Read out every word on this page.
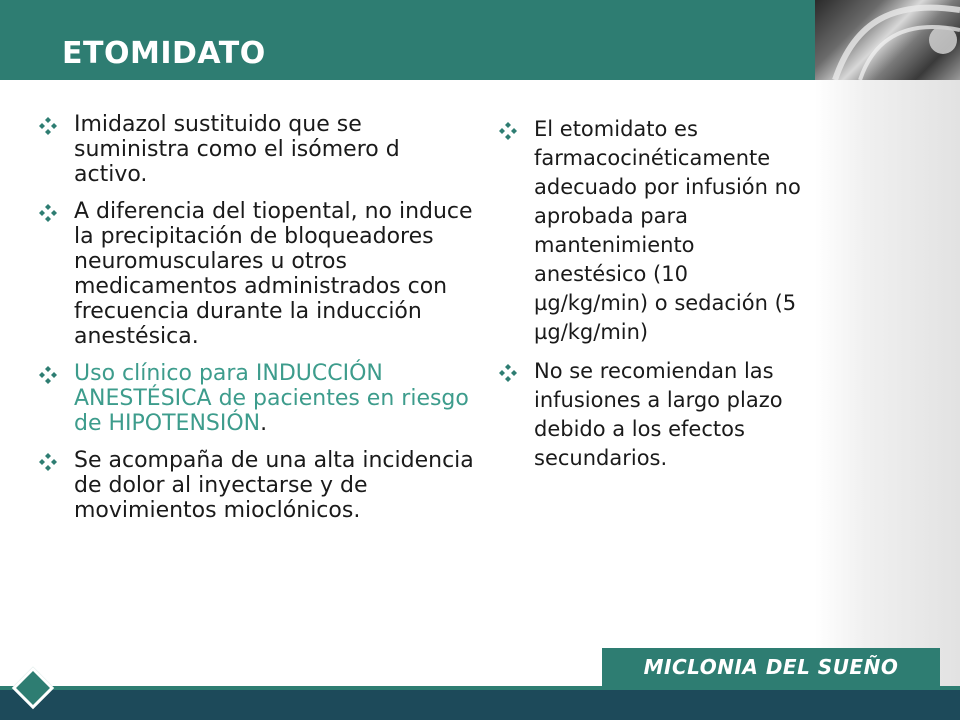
ETOMIDATO
Imidazol sustituido que se suministra como el isómero d activo.
A diferencia del tiopental, no induce la precipitación de bloqueadores neuromusculares u otros medicamentos administrados con frecuencia durante la inducción anestésica.
Uso clínico para INDUCCIÓN ANESTÉSICA de pacientes en riesgo de HIPOTENSIÓN.
Se acompaña de una alta incidencia de dolor al inyectarse y de movimientos mioclónicos.
El etomidato es farmacocinéticamente adecuado por infusión no aprobada para mantenimiento anestésico (10 µg/kg/min) o sedación (5 µg/kg/min)
No se recomiendan las infusiones a largo plazo debido a los efectos secundarios.
MICLONIA DEL SUEÑO
